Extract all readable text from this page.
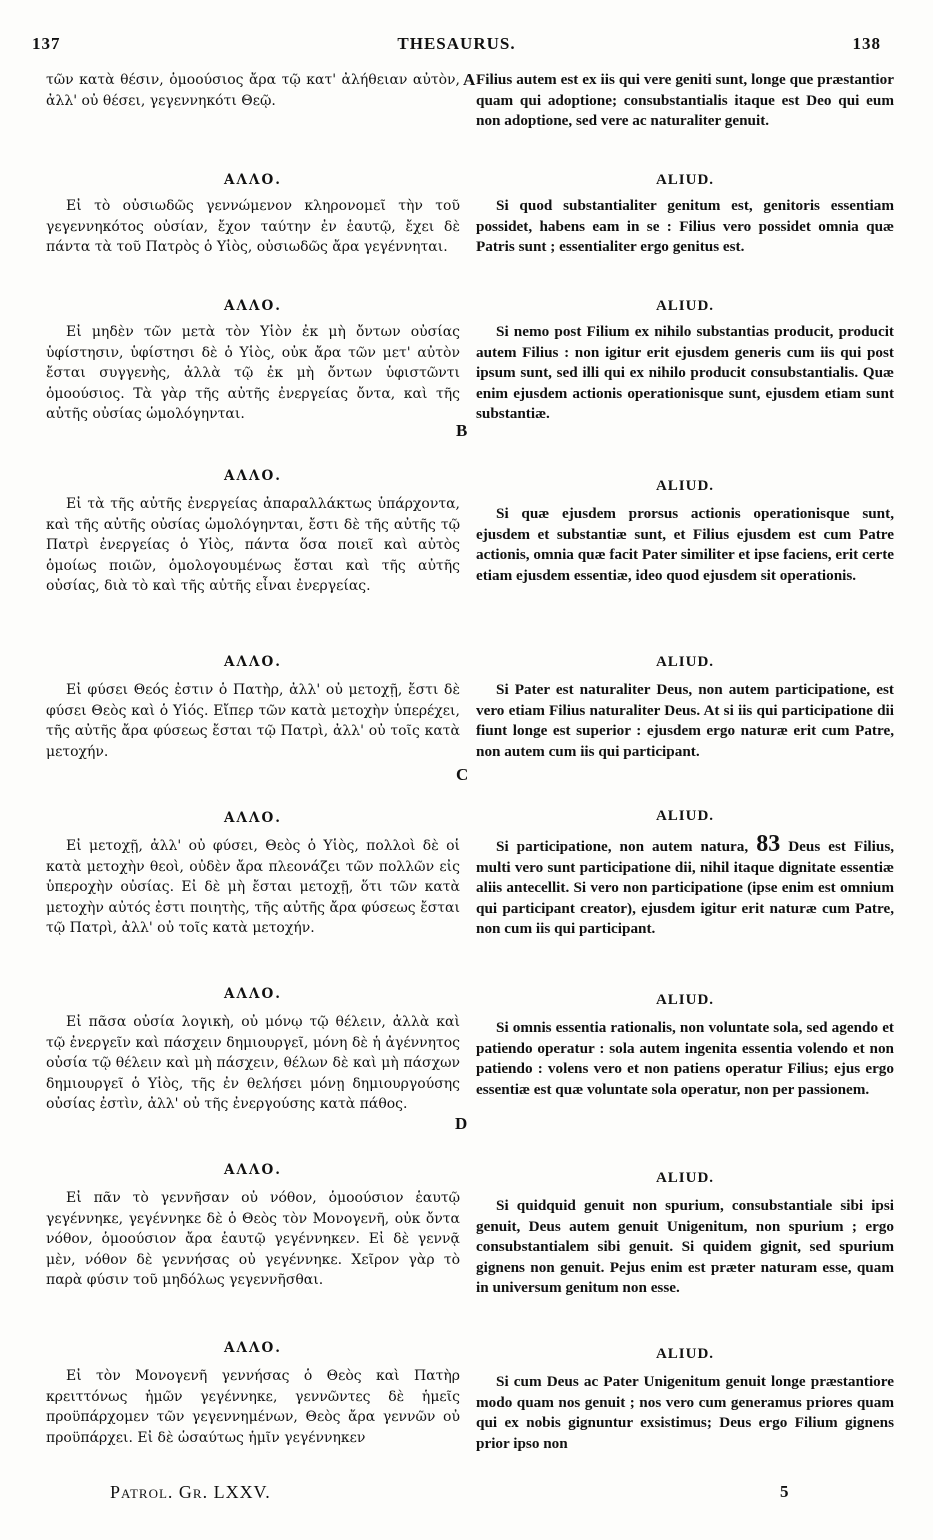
137	THESAURUS.	138
A
B
C
D

τῶν κατὰ θέσιν, ὁμοούσιος ἄρα τῷ κατ' ἀλήθειαν αὐτὸν, ἀλλ' οὐ θέσει, γεγεννηκότι Θεῷ.

ΑΛΛΟ.

Εἰ τὸ οὐσιωδῶς γεννώμενον κληρονομεῖ τὴν τοῦ γεγεννηκότος οὐσίαν, ἔχον ταύτην ἐν ἑαυτῷ, ἔχει δὲ πάντα τὰ τοῦ Πατρὸς ὁ Υἱὸς, οὐσιωδῶς ἄρα γεγέννηται.

ΑΛΛΟ.

Εἰ μηδὲν τῶν μετὰ τὸν Υἱὸν ἐκ μὴ ὄντων οὐσίας ὑφίστησιν, ὑφίστησι δὲ ὁ Υἱὸς, οὐκ ἄρα τῶν μετ' αὐτὸν ἔσται συγγενὴς, ἀλλὰ τῷ ἐκ μὴ ὄντων ὑφιστῶντι ὁμοούσιος. Τὰ γὰρ τῆς αὐτῆς ἐνεργείας ὄντα, καὶ τῆς αὐτῆς οὐσίας ὡμολόγηνται.

ΑΛΛΟ.

Εἰ τὰ τῆς αὐτῆς ἐνεργείας ἀπαραλλάκτως ὑπάρχοντα, καὶ τῆς αὐτῆς οὐσίας ὡμολόγηνται, ἔστι δὲ τῆς αὐτῆς τῷ Πατρὶ ἐνεργείας ὁ Υἱὸς, πάντα ὅσα ποιεῖ καὶ αὐτὸς ὁμοίως ποιῶν, ὁμολογουμένως ἔσται καὶ τῆς αὐτῆς οὐσίας, διὰ τὸ καὶ τῆς αὐτῆς εἶναι ἐνεργείας.

ΑΛΛΟ.

Εἰ φύσει Θεός ἐστιν ὁ Πατὴρ, ἀλλ' οὐ μετοχῇ, ἔστι δὲ φύσει Θεὸς καὶ ὁ Υἱός. Εἴπερ τῶν κατὰ μετοχὴν ὑπερέχει, τῆς αὐτῆς ἄρα φύσεως ἔσται τῷ Πατρὶ, ἀλλ' οὐ τοῖς κατὰ μετοχήν.

ΑΛΛΟ.

Εἰ μετοχῇ, ἀλλ' οὐ φύσει, Θεὸς ὁ Υἱὸς, πολλοὶ δὲ οἱ κατὰ μετοχὴν θεοὶ, οὐδὲν ἄρα πλεονάζει τῶν πολλῶν εἰς ὑπεροχὴν οὐσίας. Εἰ δὲ μὴ ἔσται μετοχῇ, ὅτι τῶν κατὰ μετοχὴν αὐτός ἐστι ποιητὴς, τῆς αὐτῆς ἄρα φύσεως ἔσται τῷ Πατρὶ, ἀλλ' οὐ τοῖς κατὰ μετοχήν.

ΑΛΛΟ.

Εἰ πᾶσα οὐσία λογικὴ, οὐ μόνῳ τῷ θέλειν, ἀλλὰ καὶ τῷ ἐνεργεῖν καὶ πάσχειν δημιουργεῖ, μόνη δὲ ἡ ἀγέννητος οὐσία τῷ θέλειν καὶ μὴ πάσχειν, θέλων δὲ καὶ μὴ πάσχων δημιουργεῖ ὁ Υἱὸς, τῆς ἐν θελήσει μόνῃ δημιουργούσης οὐσίας ἐστὶν, ἀλλ' οὐ τῆς ἐνεργούσης κατὰ πάθος.

ΑΛΛΟ.

Εἰ πᾶν τὸ γεννῆσαν οὐ νόθον, ὁμοούσιον ἑαυτῷ γεγέννηκε, γεγέννηκε δὲ ὁ Θεὸς τὸν Μονογενῆ, οὐκ ὄντα νόθον, ὁμοούσιον ἄρα ἑαυτῷ γεγέννηκεν. Εἰ δὲ γεννᾷ μὲν, νόθον δὲ γεννήσας οὐ γεγέννηκε. Χεῖρον γὰρ τὸ παρὰ φύσιν τοῦ μηδόλως γεγεννῆσθαι.

ΑΛΛΟ.

Εἰ τὸν Μονογενῆ γεννήσας ὁ Θεὸς καὶ Πατὴρ κρειττόνως ἡμῶν γεγέννηκε, γεννῶντες δὲ ἡμεῖς προϋπάρχομεν τῶν γεγεννημένων, Θεὸς ἄρα γεννῶν οὐ προϋπάρχει. Εἰ δὲ ὡσαύτως ἡμῖν γεγέννηκεν

Filius autem est ex iis qui vere geniti sunt, longe que præstantior quam qui adoptione; consubstantialis itaque est Deo qui eum non adoptione, sed vere ac naturaliter genuit.

ALIUD.

Si quod substantialiter genitum est, genitoris essentiam possidet, habens eam in se : Filius vero possidet omnia quæ Patris sunt ; essentialiter ergo genitus est.

ALIUD.

Si nemo post Filium ex nihilo substantias producit, producit autem Filius : non igitur erit ejusdem generis cum iis qui post ipsum sunt, sed illi qui ex nihilo producit consubstantialis. Quæ enim ejusdem actionis operationisque sunt, ejusdem etiam sunt substantiæ.

ALIUD.

Si quæ ejusdem prorsus actionis operationisque sunt, ejusdem et substantiæ sunt, et Filius ejusdem est cum Patre actionis, omnia quæ facit Pater similiter et ipse faciens, erit certe etiam ejusdem essentiæ, ideo quod ejusdem sit operationis.

ALIUD.

Si Pater est naturaliter Deus, non autem participatione, est vero etiam Filius naturaliter Deus. At si iis qui participatione dii fiunt longe est superior : ejusdem ergo naturæ erit cum Patre, non autem cum iis qui participant.

ALIUD.

Si participatione, non autem natura, 83 Deus est Filius, multi vero sunt participatione dii, nihil itaque dignitate essentiæ aliis antecellit. Si vero non participatione (ipse enim est omnium qui participant creator), ejusdem igitur erit naturæ cum Patre, non cum iis qui participant.

ALIUD.

Si omnis essentia rationalis, non voluntate sola, sed agendo et patiendo operatur : sola autem ingenita essentia volendo et non patiendo : volens vero et non patiens operatur Filius; ejus ergo essentiæ est quæ voluntate sola operatur, non per passionem.

ALIUD.

Si quidquid genuit non spurium, consubstantiale sibi ipsi genuit, Deus autem genuit Unigenitum, non spurium ; ergo consubstantialem sibi genuit. Si quidem gignit, sed spurium gignens non genuit. Pejus enim est præter naturam esse, quam in universum genitum non esse.

ALIUD.

Si cum Deus ac Pater Unigenitum genuit longe præstantiore modo quam nos genuit ; nos vero cum generamus priores quam qui ex nobis gignuntur exsistimus; Deus ergo Filium gignens prior ipso non

Patrol. Gr. LXXV.	5
